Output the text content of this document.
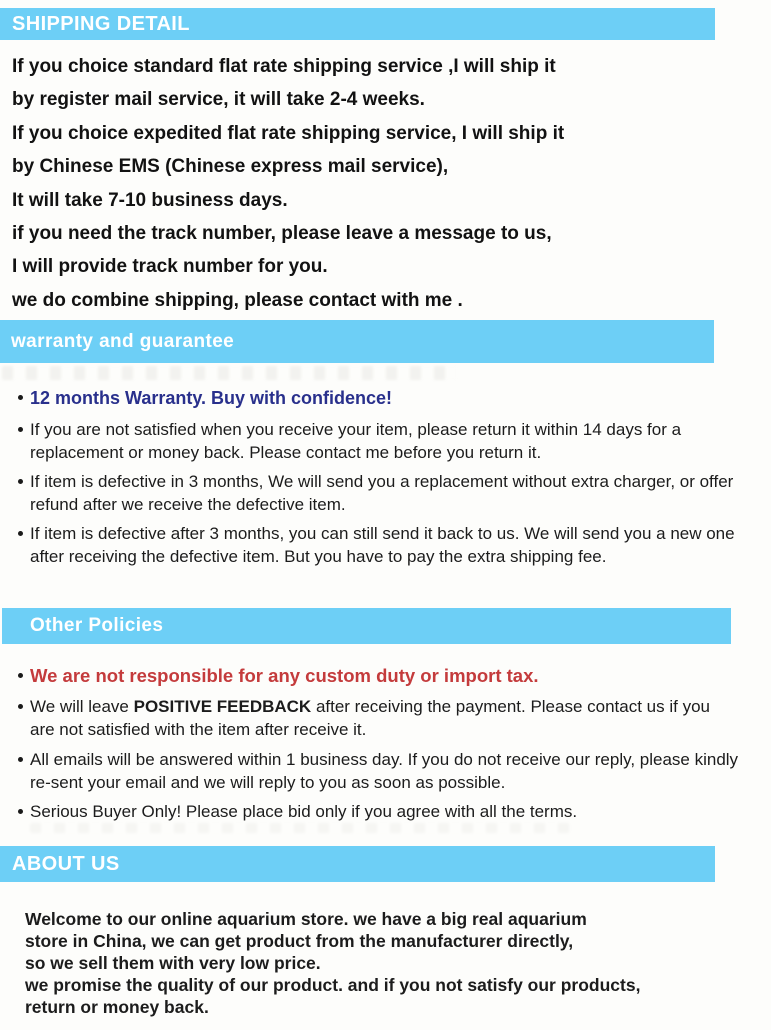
SHIPPING DETAIL
If you choice standard flat rate shipping service ,I will ship it
by register mail service, it will take 2-4 weeks.
If you choice expedited flat rate shipping service, I will ship it
by Chinese EMS (Chinese express mail service),
It will take 7-10 business days.
if you need the track number, please leave a message to us,
I will provide track number for you.
we do combine shipping, please contact with me .
warranty and guarantee
12 months Warranty. Buy with confidence!
If you are not satisfied when you receive your item, please return it within 14 days for a
replacement or money back. Please contact me before you return it.
If item is defective in 3 months, We will send you a replacement without extra charger, or offer
refund after we receive the defective item.
If item is defective after 3 months, you can still send it back to us. We will send you a new one
after receiving the defective item. But you have to pay the extra shipping fee.
Other Policies
We are not responsible for any custom duty or import tax.
We will leave POSITIVE FEEDBACK after receiving the payment. Please contact us if you
are not satisfied with the item after receive it.
All emails will be answered within 1 business day. If you do not receive our reply, please kindly
re-sent your email and we will reply to you as soon as possible.
Serious Buyer Only! Please place bid only if you agree with all the terms.
ABOUT US
Welcome to our online aquarium store. we have a big real aquarium
store in China, we can get product from the manufacturer directly,
so we sell them with very low price.
we promise the quality of our product. and if you not satisfy our products,
return or money back.
